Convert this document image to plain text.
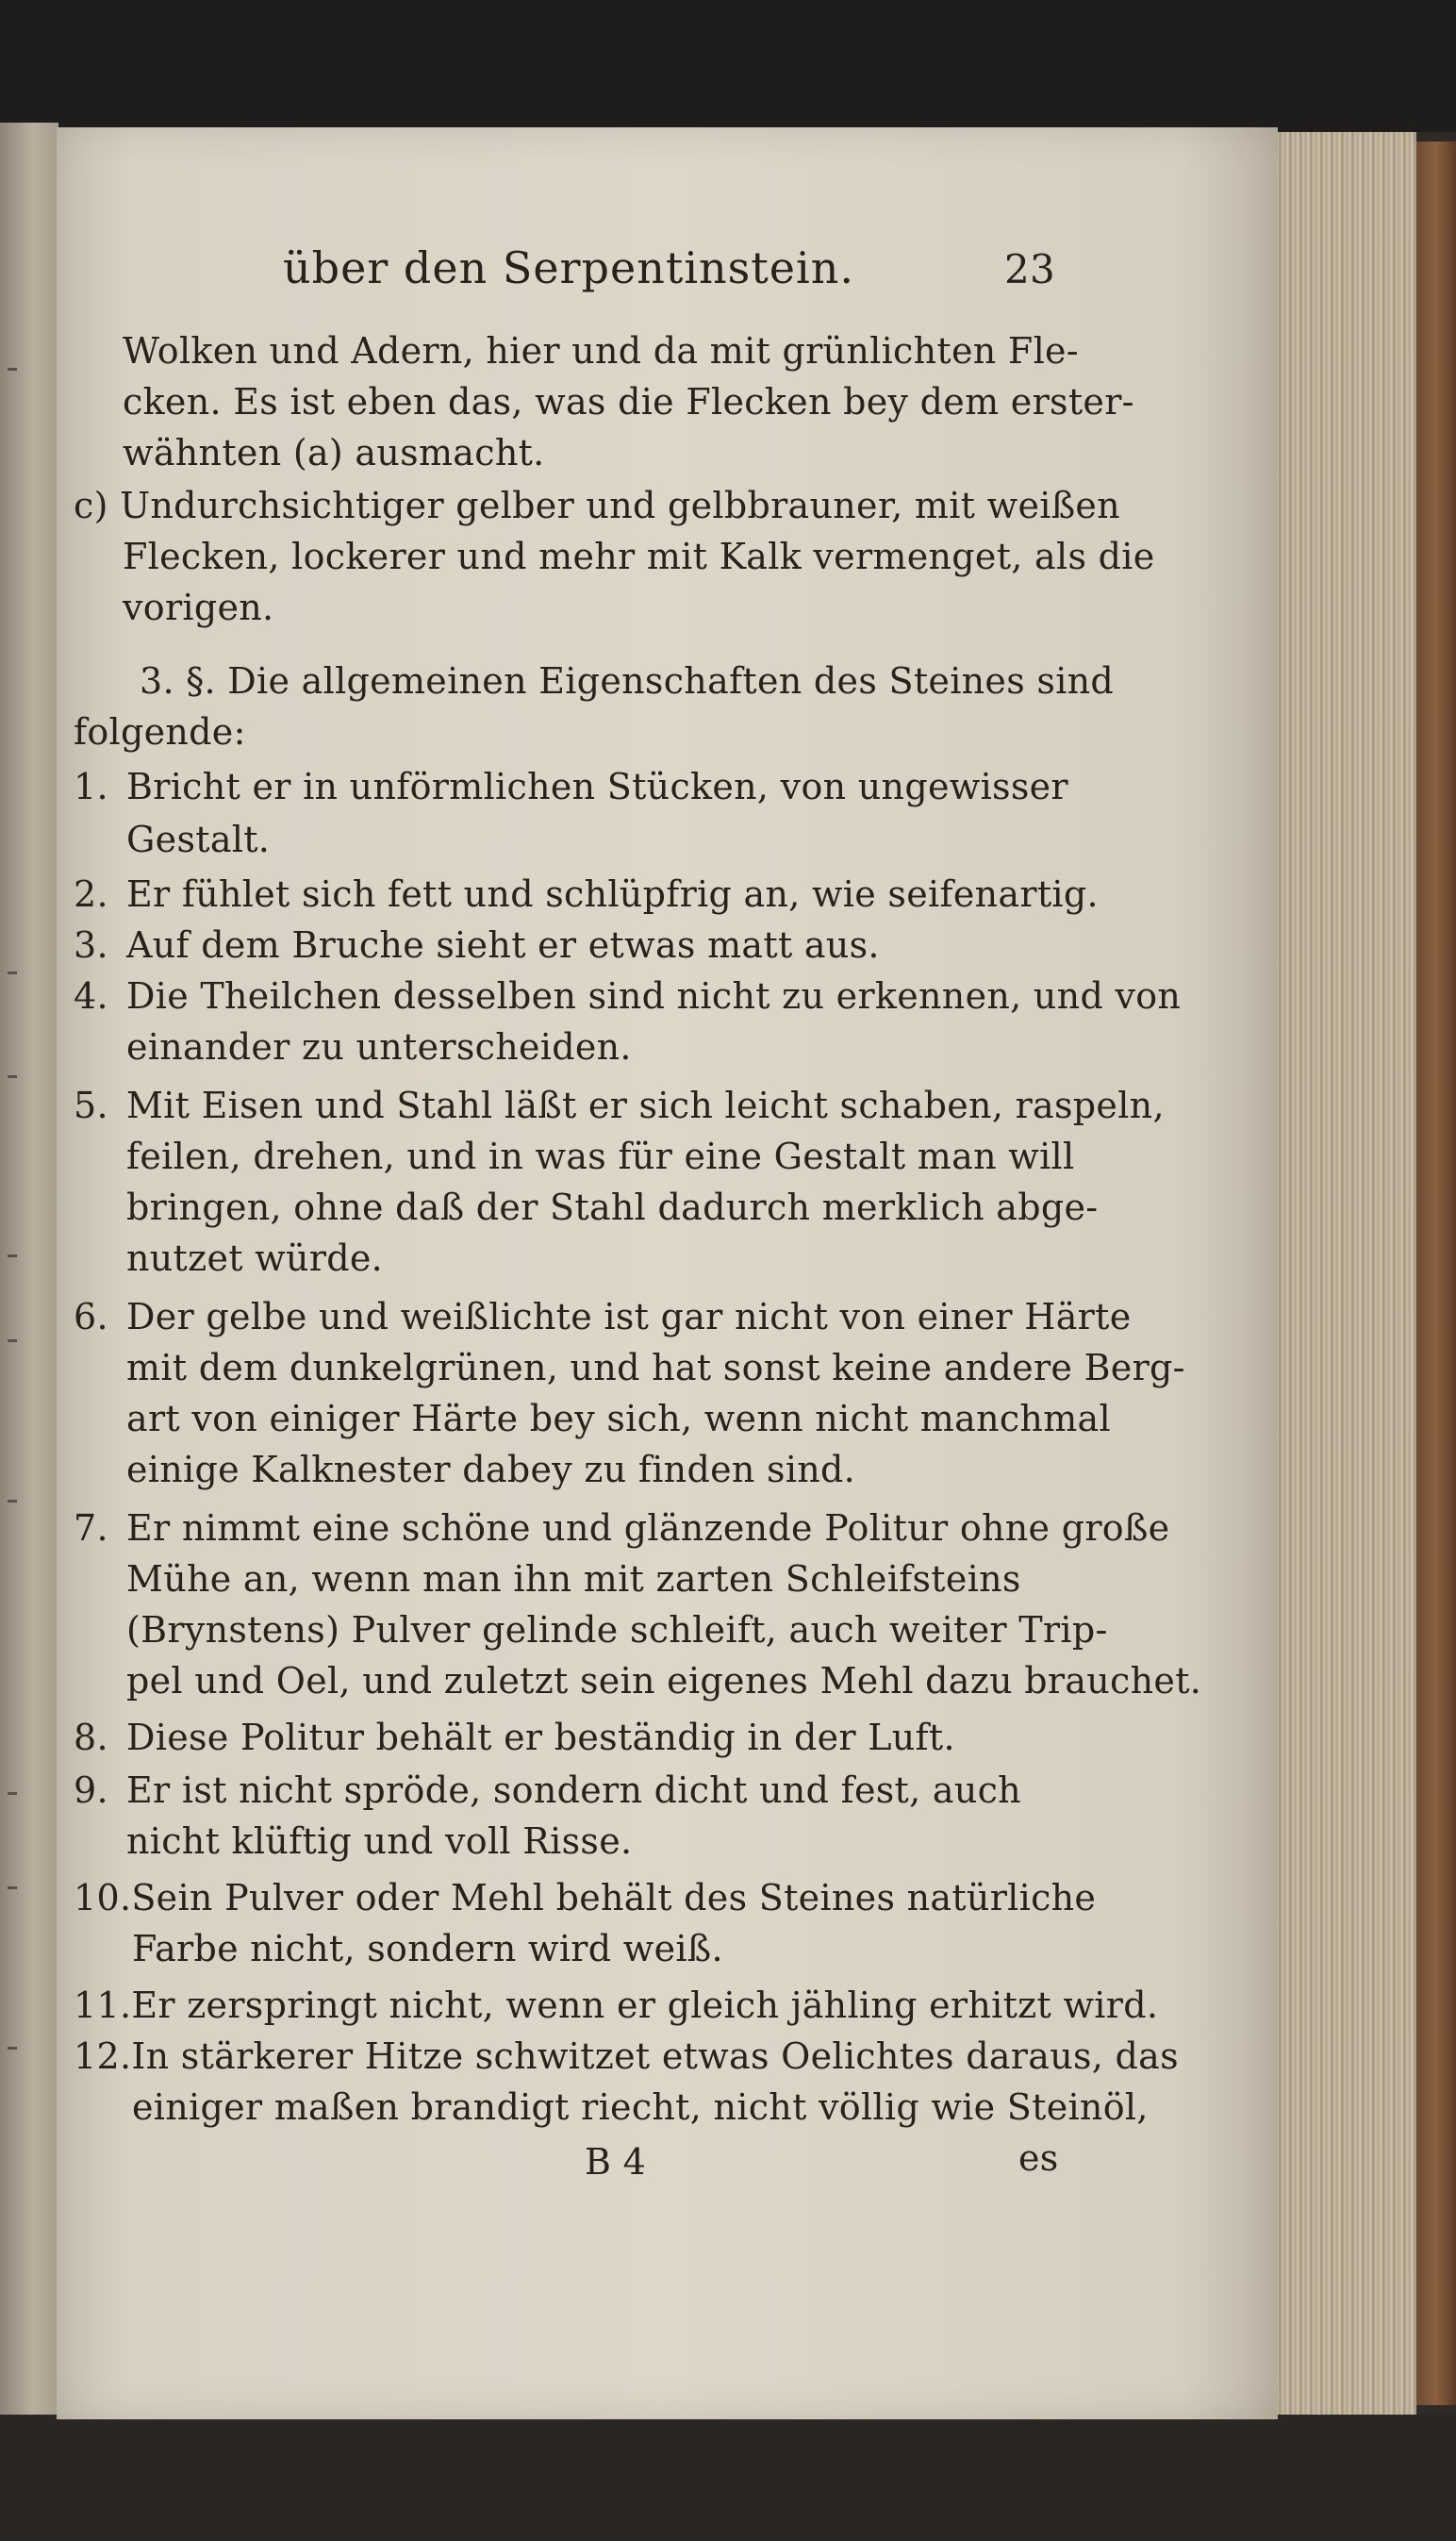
über den Serpentinstein.	23
Wolken und Adern, hier und da mit grünlichten Fle-
cken. Es ist eben das, was die Flecken bey dem erster-
wähnten (a) ausmacht.
c) Undurchsichtiger gelber und gelbbrauner, mit weißen
Flecken, lockerer und mehr mit Kalk vermenget, als die
vorigen.
3. §. Die allgemeinen Eigenschaften des Steines sind
folgende:
1. Bricht er in unförmlichen Stücken, von ungewisser
Gestalt.
2. Er fühlet sich fett und schlüpfrig an, wie seifenartig.
3. Auf dem Bruche sieht er etwas matt aus.
4. Die Theilchen desselben sind nicht zu erkennen, und von
einander zu unterscheiden.
5. Mit Eisen und Stahl läßt er sich leicht schaben, raspeln,
feilen, drehen, und in was für eine Gestalt man will
bringen, ohne daß der Stahl dadurch merklich abge-
nutzet würde.
6. Der gelbe und weißlichte ist gar nicht von einer Härte
mit dem dunkelgrünen, und hat sonst keine andere Berg-
art von einiger Härte bey sich, wenn nicht manchmal
einige Kalknester dabey zu finden sind.
7. Er nimmt eine schöne und glänzende Politur ohne große
Mühe an, wenn man ihn mit zarten Schleifsteins
(Brynstens) Pulver gelinde schleift, auch weiter Trip-
pel und Oel, und zuletzt sein eigenes Mehl dazu brauchet.
8. Diese Politur behält er beständig in der Luft.
9. Er ist nicht spröde, sondern dicht und fest, auch
nicht klüftig und voll Risse.
10.Sein Pulver oder Mehl behält des Steines natürliche
Farbe nicht, sondern wird weiß.
11.Er zerspringt nicht, wenn er gleich jähling erhitzt wird.
12.In stärkerer Hitze schwitzet etwas Oelichtes daraus, das
einiger maßen brandigt riecht, nicht völlig wie Steinöl,
B 4	es
